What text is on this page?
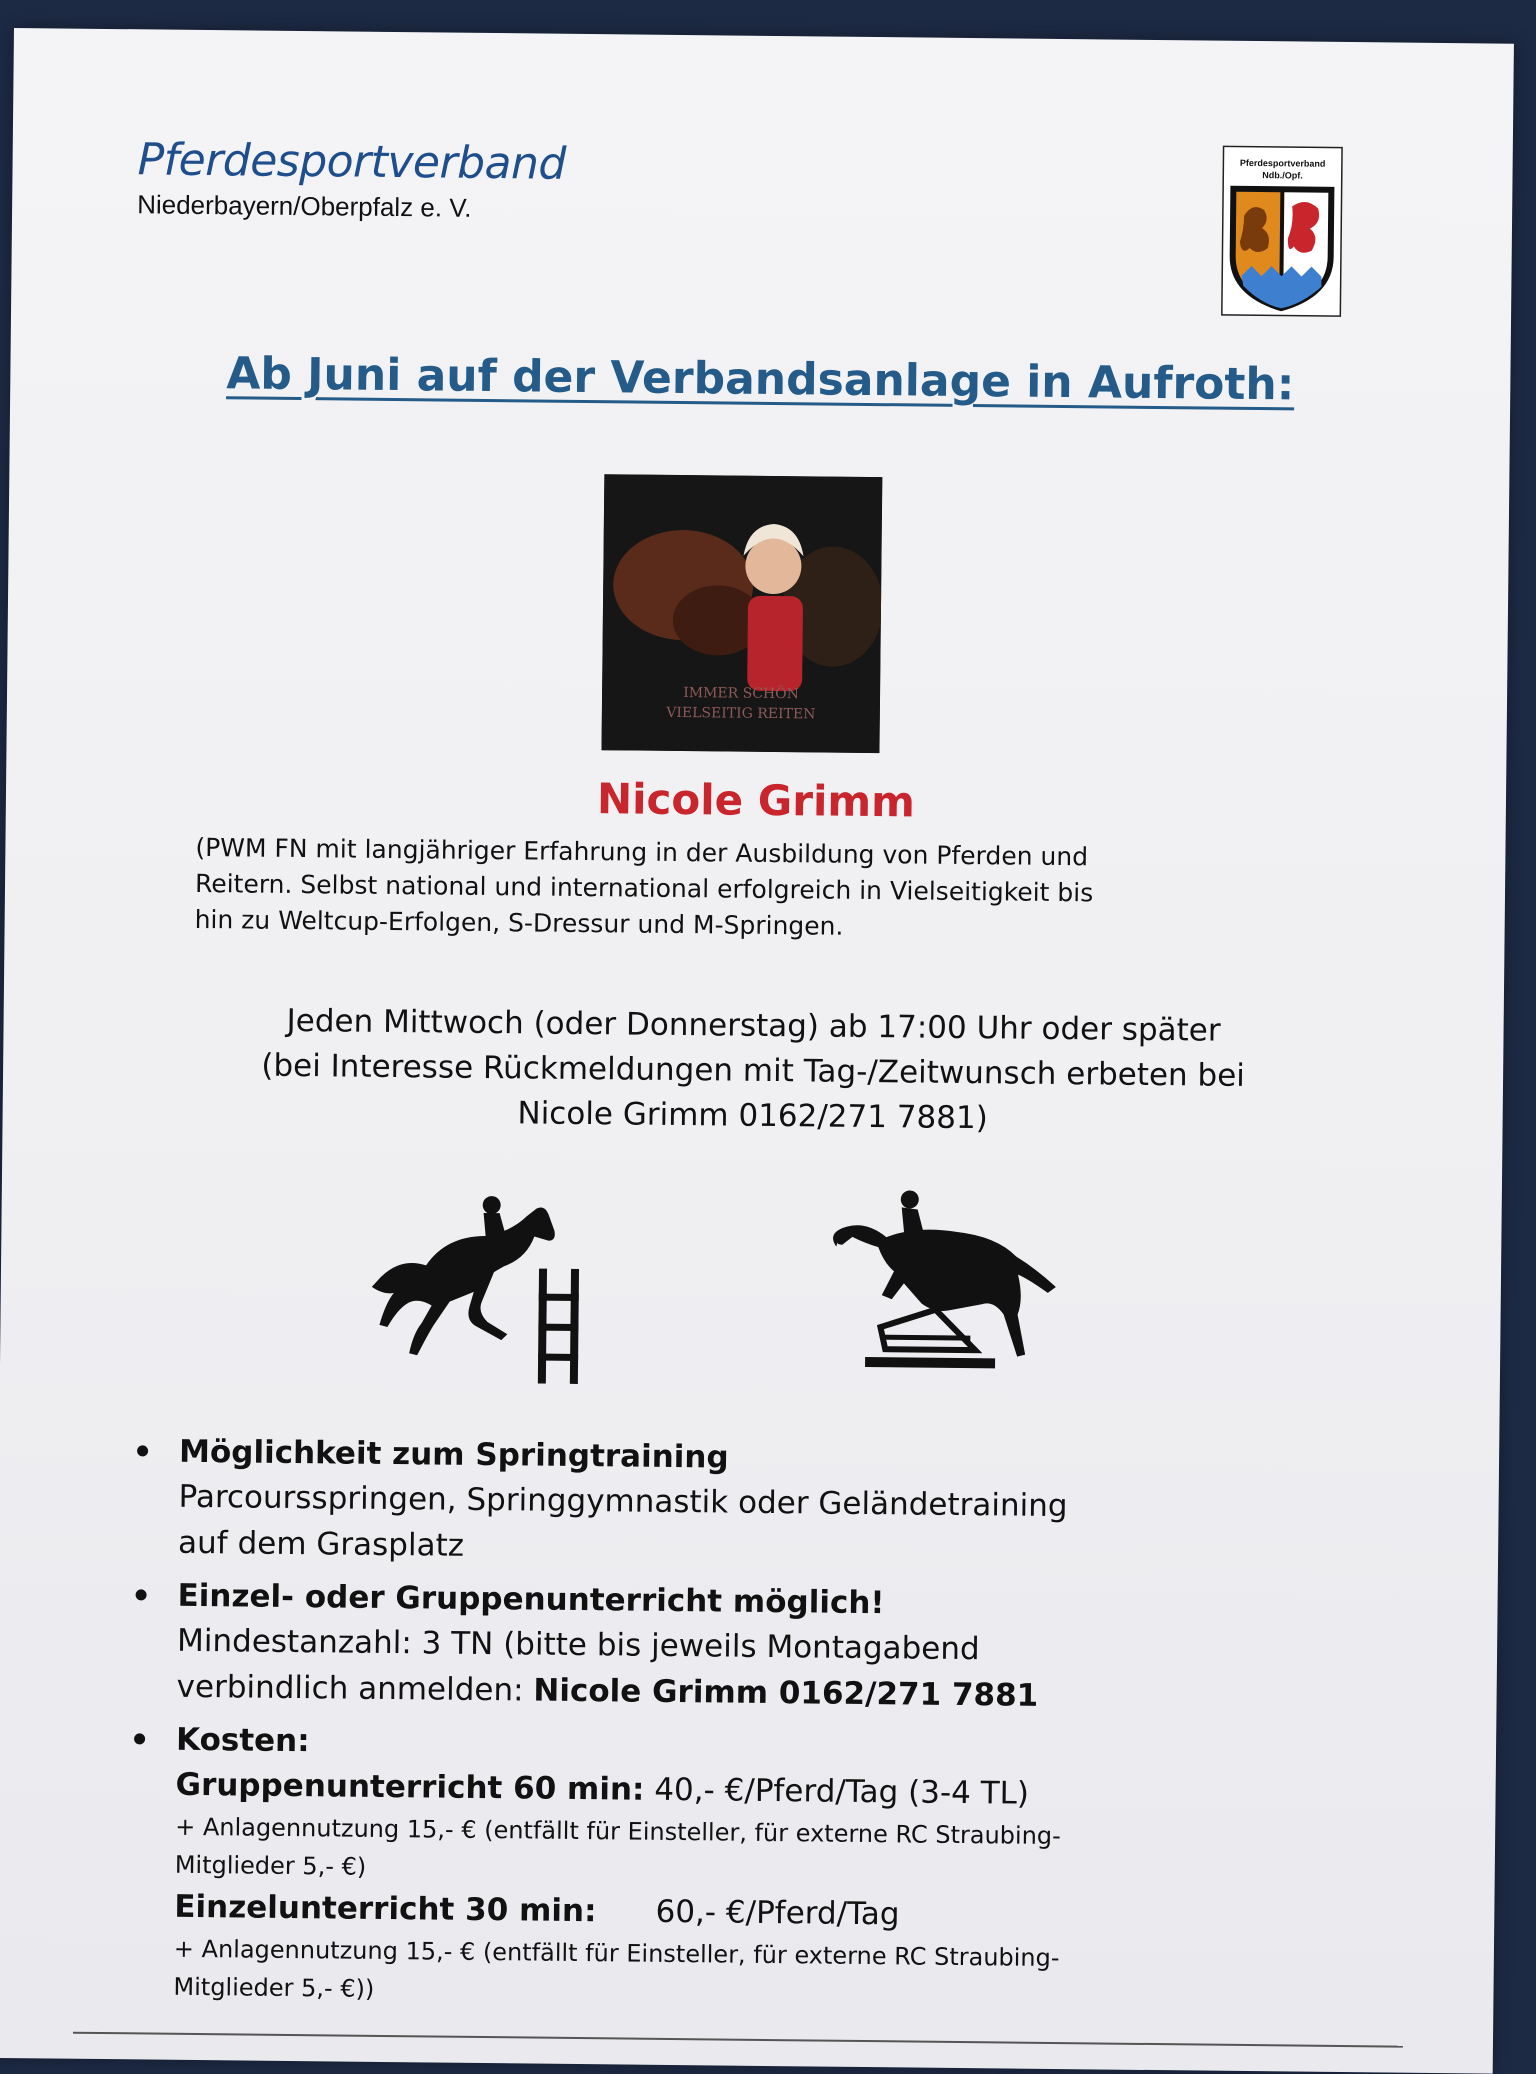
Pferdesportverband
Niederbayern/Oberpfalz e. V.
Pferdesportverband
Ndb./Opf.
Ab Juni auf der Verbandsanlage in Aufroth:
IMMER SCHÖN
VIELSEITIG REITEN
Nicole Grimm
(PWM FN mit langjähriger Erfahrung in der Ausbildung von Pferden und
Reitern. Selbst national und international erfolgreich in Vielseitigkeit bis
hin zu Weltcup-Erfolgen, S-Dressur und M-Springen.
Jeden Mittwoch (oder Donnerstag) ab 17:00 Uhr oder später
(bei Interesse Rückmeldungen mit Tag-/Zeitwunsch erbeten bei
Nicole Grimm 0162/271 7881)
Möglichkeit zum Springtraining
Parcoursspringen, Springgymnastik oder Geländetraining
auf dem Grasplatz
Einzel- oder Gruppenunterricht möglich!
Mindestanzahl: 3 TN (bitte bis jeweils Montagabend
verbindlich anmelden: Nicole Grimm 0162/271 7881
Kosten:
Gruppenunterricht 60 min: 40,- €/Pferd/Tag (3-4 TL)
+ Anlagennutzung 15,- € (entfällt für Einsteller, für externe RC Straubing-
Mitglieder 5,- €)
Einzelunterricht 30 min: 60,- €/Pferd/Tag
+ Anlagennutzung 15,- € (entfällt für Einsteller, für externe RC Straubing-
Mitglieder 5,- €))
